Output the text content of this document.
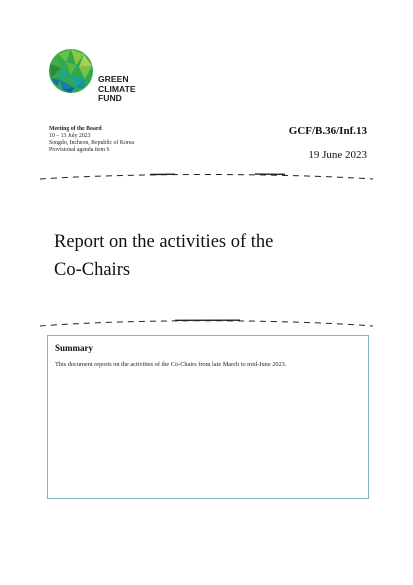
GREEN
CLIMATE
FUND
Meeting of the Board
10 – 13 July 2023
Songdo, Incheon, Republic of Korea
Provisional agenda item 6
GCF/B.36/Inf.13
19 June 2023
Report on the activities of the
Co-Chairs
Summary
This document reports on the activities of the Co-Chairs from late March to mid-June 2023.
